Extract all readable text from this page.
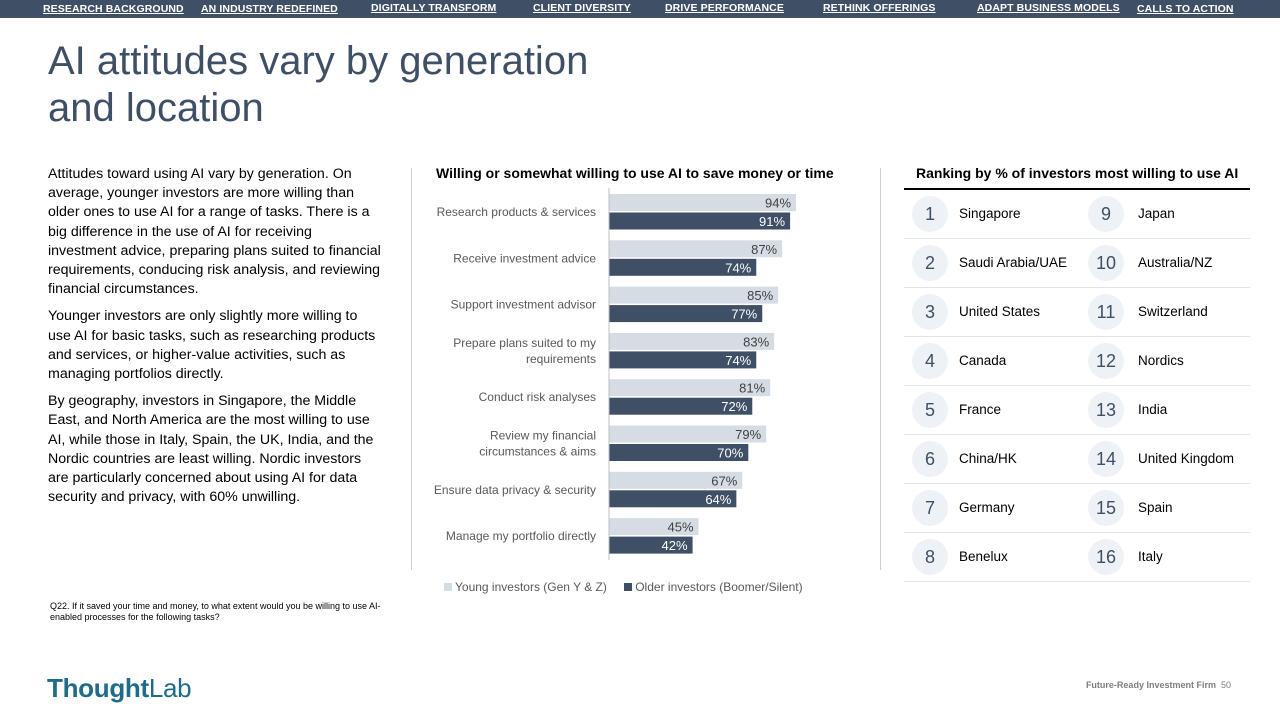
RESEARCH BACKGROUND AN INDUSTRY REDEFINED	DIGITALLY TRANSFORM	CLIENT DIVERSITY	DRIVE PERFORMANCE	RETHINK OFFERINGS	ADAPT BUSINESS MODELS CALLS TO ACTION
AI attitudes vary by generation and location

Attitudes toward using AI vary by generation. On average, younger investors are more willing than older ones to use AI for a range of tasks. There is a big difference in the use of AI for receiving investment advice, preparing plans suited to financial requirements, conducing risk analysis, and reviewing financial circumstances.

Younger investors are only slightly more willing to use AI for basic tasks, such as researching products and services, or higher-value activities, such as managing portfolios directly.

By geography, investors in Singapore, the Middle East, and North America are the most willing to use AI, while those in Italy, Spain, the UK, India, and the Nordic countries are least willing. Nordic investors are particularly concerned about using AI for data security and privacy, with 60% unwilling.

Q22. If it saved your time and money, to what extent would you be willing to use AI-enabled processes for the following tasks?
Willing or somewhat willing to use AI to save money or time
Research products & services
94%
91%
Receive investment advice
87%
74%
Support investment advisor
85%
77%
Prepare plans suited to my requirements
83%
74%
Conduct risk analyses
81%
72%
Review my financial circumstances & aims
79%
70%
Ensure data privacy & security
67%
64%
Manage my portfolio directly
45%
42%
Young investors (Gen Y & Z) Older investors (Boomer/Silent)
Ranking by % of investors most willing to use AI
1	Singapore	9	Japan
2	Saudi Arabia/UAE	10	Australia/NZ
3	United States	11	Switzerland
4	Canada	12	Nordics
5	France	13	India
6	China/HK	14	United Kingdom
7	Germany	15	Spain
8	Benelux	16	Italy
ThoughtLab	Future-Ready Investment Firm 50
